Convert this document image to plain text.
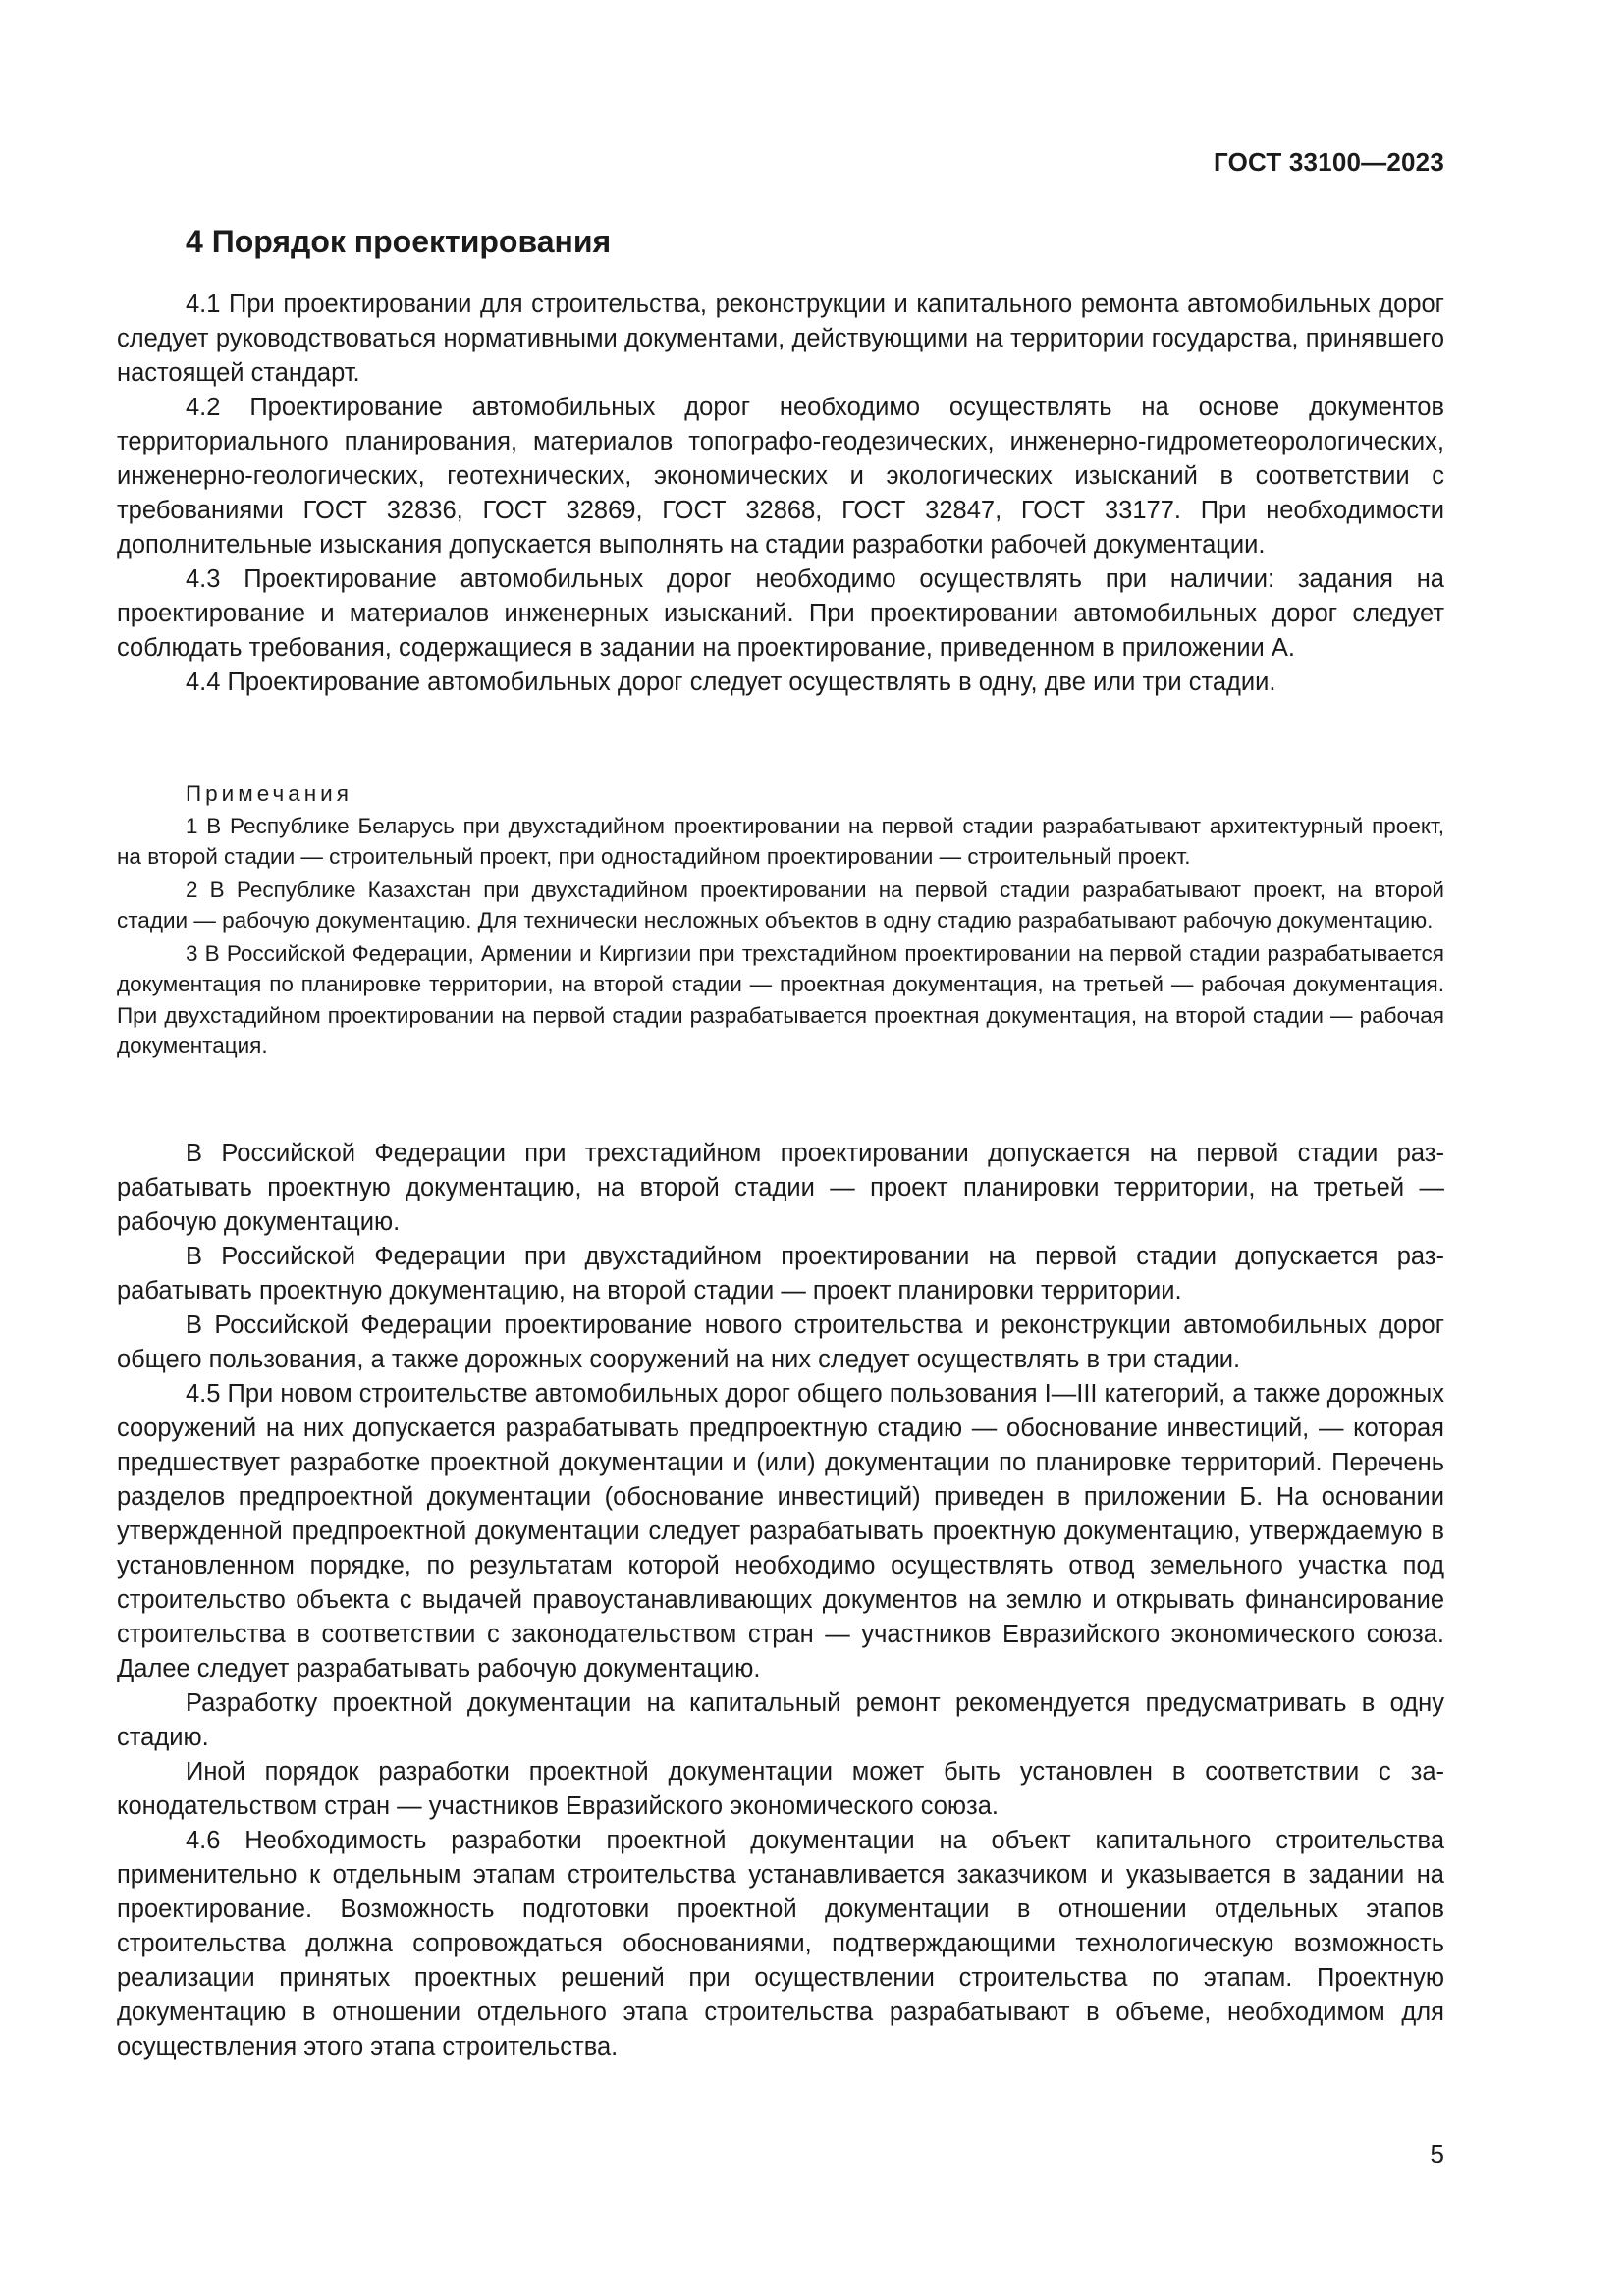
ГОСТ 33100—2023
4 Порядок проектирования

4.1 При проектировании для строительства, реконструкции и капитального ремонта автомобильных дорог следует руководствоваться нормативными документами, действующими на территории государства, принявшего настоящей стандарт.

4.2 Проектирование автомобильных дорог необходимо осуществлять на основе документов территориального планирования, материалов топографо-геодезических, инженерно-гидрометеорологических, инженерно-геологических, геотехнических, экономических и экологических изысканий в соответствии с требованиями ГОСТ 32836, ГОСТ 32869, ГОСТ 32868, ГОСТ 32847, ГОСТ 33177. При необходимости дополнительные изыскания допускается выполнять на стадии разработки рабочей документации.

4.3 Проектирование автомобильных дорог необходимо осуществлять при наличии: задания на проектирование и материалов инженерных изысканий. При проектировании автомобильных дорог следует соблюдать требования, содержащиеся в задании на проектирование, приведенном в приложении А.

4.4 Проектирование автомобильных дорог следует осуществлять в одну, две или три стадии.

Примечания

1 В Республике Беларусь при двухстадийном проектировании на первой стадии разрабатывают архитектурный проект, на второй стадии — строительный проект, при одностадийном проектировании — строительный проект.

2 В Республике Казахстан при двухстадийном проектировании на первой стадии разрабатывают проект, на второй стадии — рабочую документацию. Для технически несложных объектов в одну стадию разрабатывают рабочую документацию.

3 В Российской Федерации, Армении и Киргизии при трехстадийном проектировании на первой стадии разрабатывается документация по планировке территории, на второй стадии — проектная документация, на третьей — рабочая документация. При двухстадийном проектировании на первой стадии разрабатывается проектная документация, на второй стадии — рабочая документация.

В Российской Федерации при трехстадийном проектировании допускается на первой стадии разрабатывать проектную документацию, на второй стадии — проект планировки территории, на третьей — рабочую документацию.

В Российской Федерации при двухстадийном проектировании на первой стадии допускается разрабатывать проектную документацию, на второй стадии — проект планировки территории.

В Российской Федерации проектирование нового строительства и реконструкции автомобильных дорог общего пользования, а также дорожных сооружений на них следует осуществлять в три стадии.

4.5 При новом строительстве автомобильных дорог общего пользования I—III категорий, а также дорожных сооружений на них допускается разрабатывать предпроектную стадию — обоснование инвестиций, — которая предшествует разработке проектной документации и (или) документации по планировке территорий. Перечень разделов предпроектной документации (обоснование инвестиций) приведен в приложении Б. На основании утвержденной предпроектной документации следует разрабатывать проектную документацию, утверждаемую в установленном порядке, по результатам которой необходимо осуществлять отвод земельного участка под строительство объекта с выдачей правоустанавливающих документов на землю и открывать финансирование строительства в соответствии с законодательством стран — участников Евразийского экономического союза. Далее следует разрабатывать рабочую документацию.

Разработку проектной документации на капитальный ремонт рекомендуется предусматривать в одну стадию.

Иной порядок разработки проектной документации может быть установлен в соответствии с законодательством стран — участников Евразийского экономического союза.

4.6 Необходимость разработки проектной документации на объект капитального строительства применительно к отдельным этапам строительства устанавливается заказчиком и указывается в задании на проектирование. Возможность подготовки проектной документации в отношении отдельных этапов строительства должна сопровождаться обоснованиями, подтверждающими технологическую возможность реализации принятых проектных решений при осуществлении строительства по этапам. Проектную документацию в отношении отдельного этапа строительства разрабатывают в объеме, необходимом для осуществления этого этапа строительства.

5
